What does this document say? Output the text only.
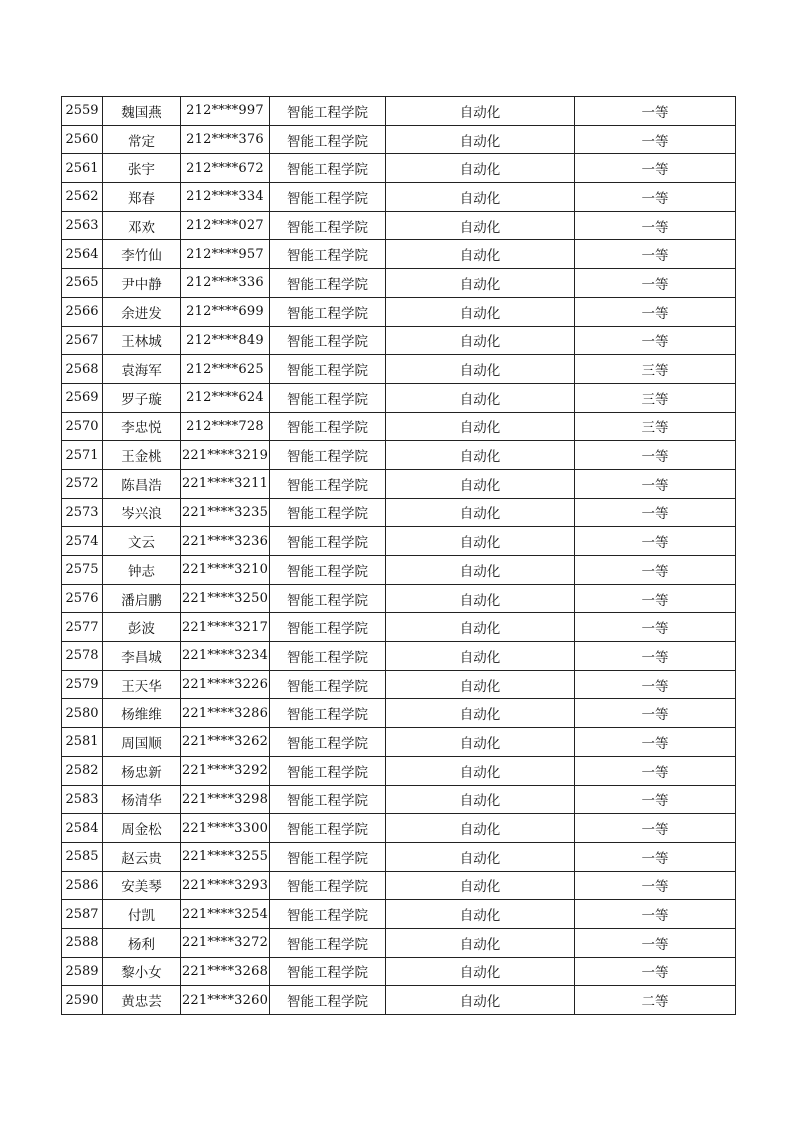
2559	魏国燕	212****997	智能工程学院	自动化	一等
2560	常定	212****376	智能工程学院	自动化	一等
2561	张宇	212****672	智能工程学院	自动化	一等
2562	郑春	212****334	智能工程学院	自动化	一等
2563	邓欢	212****027	智能工程学院	自动化	一等
2564	李竹仙	212****957	智能工程学院	自动化	一等
2565	尹中静	212****336	智能工程学院	自动化	一等
2566	余进发	212****699	智能工程学院	自动化	一等
2567	王林城	212****849	智能工程学院	自动化	一等
2568	袁海军	212****625	智能工程学院	自动化	三等
2569	罗子璇	212****624	智能工程学院	自动化	三等
2570	李忠悦	212****728	智能工程学院	自动化	三等
2571	王金桃	221****3219	智能工程学院	自动化	一等
2572	陈昌浩	221****3211	智能工程学院	自动化	一等
2573	岑兴浪	221****3235	智能工程学院	自动化	一等
2574	文云	221****3236	智能工程学院	自动化	一等
2575	钟志	221****3210	智能工程学院	自动化	一等
2576	潘启鹏	221****3250	智能工程学院	自动化	一等
2577	彭波	221****3217	智能工程学院	自动化	一等
2578	李昌城	221****3234	智能工程学院	自动化	一等
2579	王天华	221****3226	智能工程学院	自动化	一等
2580	杨维维	221****3286	智能工程学院	自动化	一等
2581	周国顺	221****3262	智能工程学院	自动化	一等
2582	杨忠新	221****3292	智能工程学院	自动化	一等
2583	杨清华	221****3298	智能工程学院	自动化	一等
2584	周金松	221****3300	智能工程学院	自动化	一等
2585	赵云贵	221****3255	智能工程学院	自动化	一等
2586	安美琴	221****3293	智能工程学院	自动化	一等
2587	付凯	221****3254	智能工程学院	自动化	一等
2588	杨利	221****3272	智能工程学院	自动化	一等
2589	黎小女	221****3268	智能工程学院	自动化	一等
2590	黄忠芸	221****3260	智能工程学院	自动化	二等
